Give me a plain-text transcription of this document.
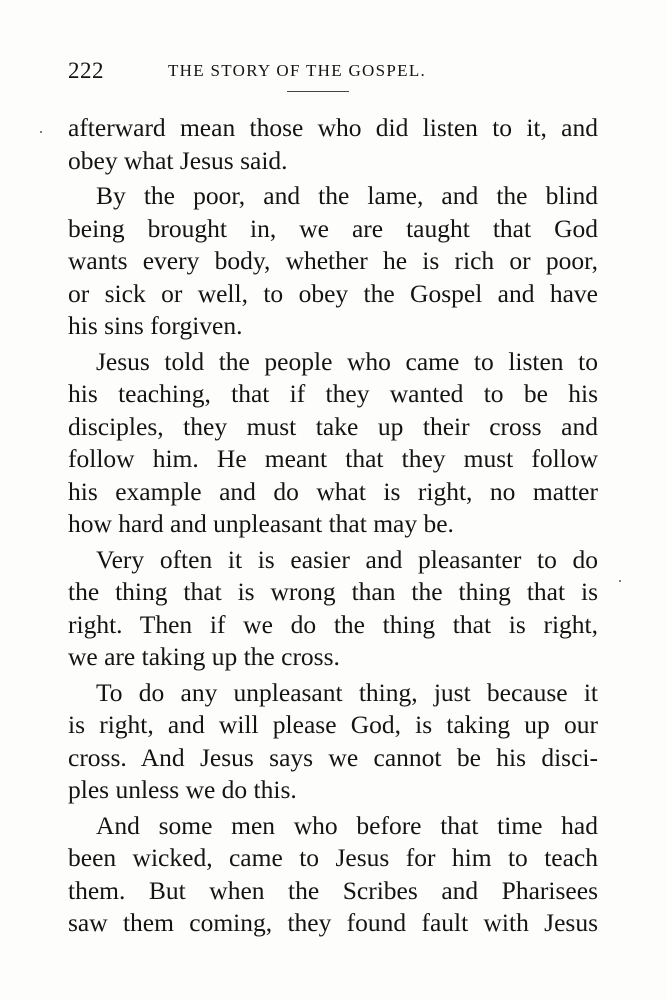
222	THE STORY OF THE GOSPEL.
afterward mean those who did listen to it, and
obey what Jesus said.
By the poor, and the lame, and the blind
being brought in, we are taught that God
wants every body, whether he is rich or poor,
or sick or well, to obey the Gospel and have
his sins forgiven.
Jesus told the people who came to listen to
his teaching, that if they wanted to be his
disciples, they must take up their cross and
follow him. He meant that they must follow
his example and do what is right, no matter
how hard and unpleasant that may be.
Very often it is easier and pleasanter to do
the thing that is wrong than the thing that is
right. Then if we do the thing that is right,
we are taking up the cross.
To do any unpleasant thing, just because it
is right, and will please God, is taking up our
cross. And Jesus says we cannot be his disci-
ples unless we do this.
And some men who before that time had
been wicked, came to Jesus for him to teach
them. But when the Scribes and Pharisees
saw them coming, they found fault with Jesus
